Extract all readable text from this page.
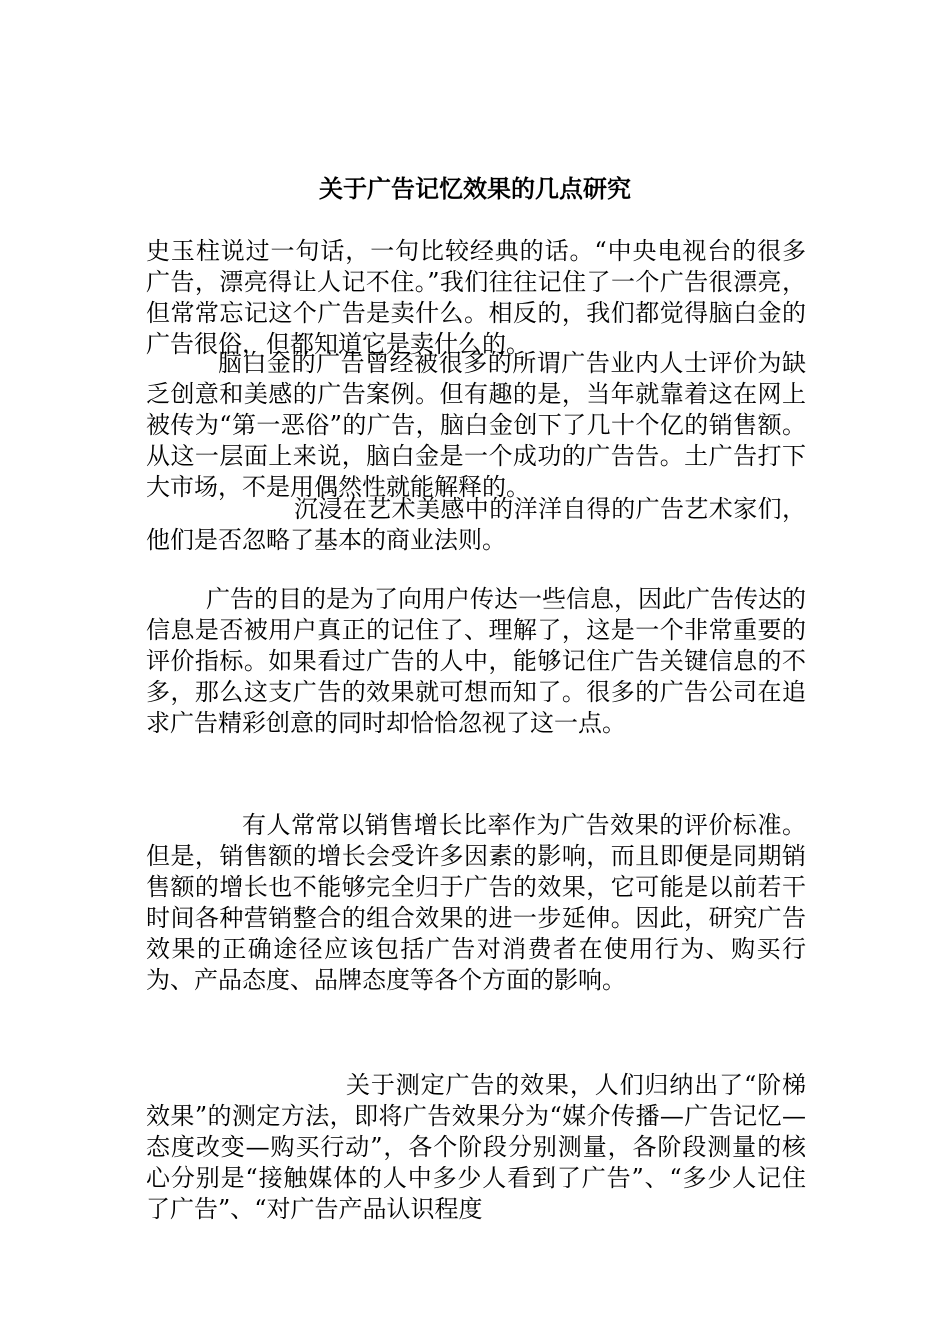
关于广告记忆效果的几点研究

史玉柱说过一句话，一句比较经典的话。“中央电视台的很多广告，漂亮得让人记不住。”我们往往记住了一个广告很漂亮，但常常忘记这个广告是卖什么。相反的，我们都觉得脑白金的广告很俗，但都知道它是卖什么的。

脑白金的广告曾经被很多的所谓广告业内人士评价为缺乏创意和美感的广告案例。但有趣的是，当年就靠着这在网上被传为“第一恶俗”的广告，脑白金创下了几十个亿的销售额。从这一层面上来说，脑白金是一个成功的广告告。土广告打下大市场，不是用偶然性就能解释的。

沉浸在艺术美感中的洋洋自得的广告艺术家们，他们是否忽略了基本的商业法则。

广告的目的是为了向用户传达一些信息，因此广告传达的信息是否被用户真正的记住了、理解了，这是一个非常重要的评价指标。如果看过广告的人中，能够记住广告关键信息的不多，那么这支广告的效果就可想而知了。很多的广告公司在追求广告精彩创意的同时却恰恰忽视了这一点。

有人常常以销售增长比率作为广告效果的评价标准。但是，销售额的增长会受许多因素的影响，而且即便是同期销售额的增长也不能够完全归于广告的效果，它可能是以前若干时间各种营销整合的组合效果的进一步延伸。因此，研究广告效果的正确途径应该包括广告对消费者在使用行为、购买行为、产品态度、品牌态度等各个方面的影响。

关于测定广告的效果，人们归纳出了“阶梯效果”的测定方法，即将广告效果分为“媒介传播—广告记忆—态度改变—购买行动”，各个阶段分别测量，各阶段测量的核心分别是“接触媒体的人中多少人看到了广告”、“多少人记住了广告”、“对广告产品认识程度
